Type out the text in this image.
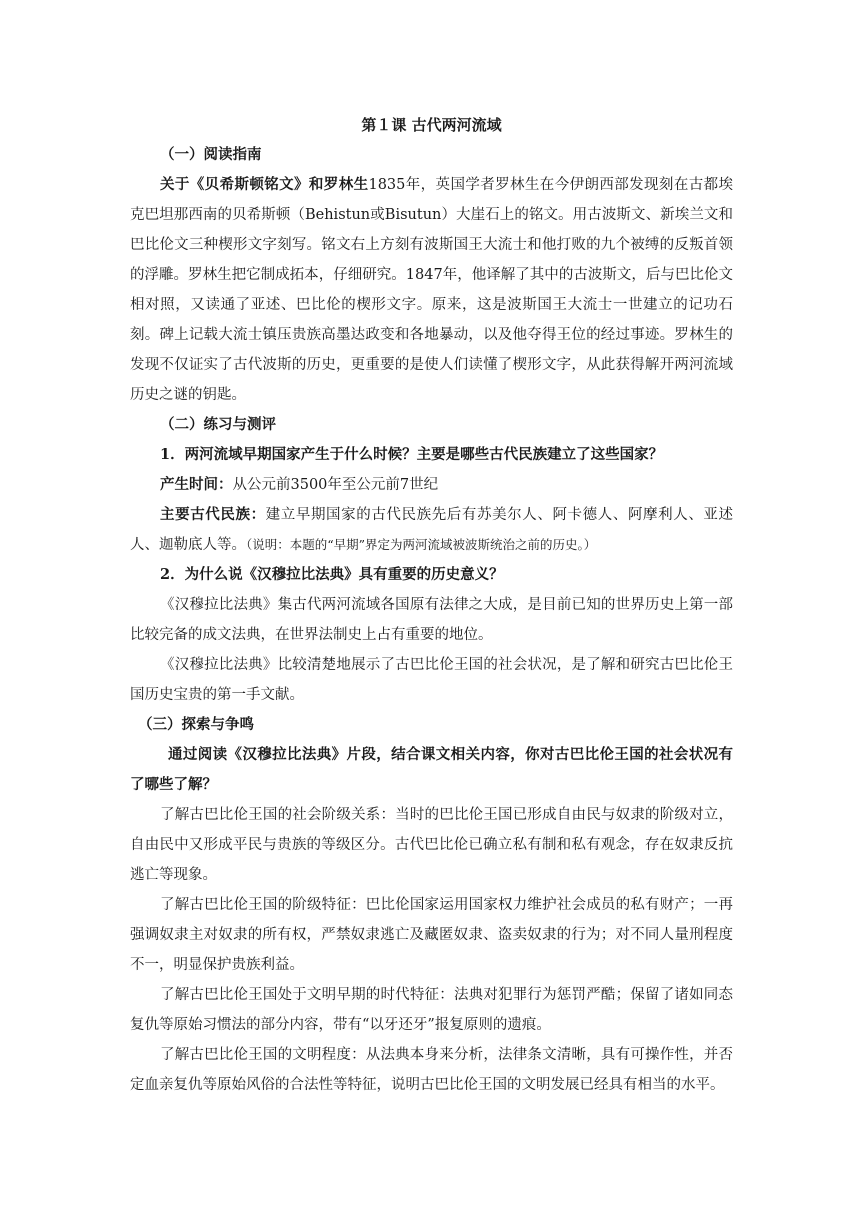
第１课 古代两河流域
（一）阅读指南

关于《贝希斯顿铭文》和罗林生1835年，英国学者罗林生在今伊朗西部发现刻在古都埃克巴坦那西南的贝希斯顿（Behistun或Bisutun）大崖石上的铭文。用古波斯文、新埃兰文和巴比伦文三种楔形文字刻写。铭文右上方刻有波斯国王大流士和他打败的九个被缚的反叛首领的浮雕。罗林生把它制成拓本，仔细研究。1847年，他译解了其中的古波斯文，后与巴比伦文相对照，又读通了亚述、巴比伦的楔形文字。原来，这是波斯国王大流士一世建立的记功石刻。碑上记载大流士镇压贵族高墨达政变和各地暴动，以及他夺得王位的经过事迹。罗林生的发现不仅证实了古代波斯的历史，更重要的是使人们读懂了楔形文字，从此获得解开两河流域历史之谜的钥匙。

（二）练习与测评

1．两河流域早期国家产生于什么时候？主要是哪些古代民族建立了这些国家？

产生时间：从公元前3500年至公元前7世纪

主要古代民族：建立早期国家的古代民族先后有苏美尔人、阿卡德人、阿摩利人、亚述人、迦勒底人等。（说明：本题的“早期”界定为两河流域被波斯统治之前的历史。）

2．为什么说《汉穆拉比法典》具有重要的历史意义？

《汉穆拉比法典》集古代两河流域各国原有法律之大成，是目前已知的世界历史上第一部比较完备的成文法典，在世界法制史上占有重要的地位。

《汉穆拉比法典》比较清楚地展示了古巴比伦王国的社会状况，是了解和研究古巴比伦王国历史宝贵的第一手文献。

（三）探索与争鸣

通过阅读《汉穆拉比法典》片段，结合课文相关内容，你对古巴比伦王国的社会状况有了哪些了解？

了解古巴比伦王国的社会阶级关系：当时的巴比伦王国已形成自由民与奴隶的阶级对立，自由民中又形成平民与贵族的等级区分。古代巴比伦已确立私有制和私有观念，存在奴隶反抗逃亡等现象。

了解古巴比伦王国的阶级特征：巴比伦国家运用国家权力维护社会成员的私有财产；一再强调奴隶主对奴隶的所有权，严禁奴隶逃亡及藏匿奴隶、盗卖奴隶的行为；对不同人量刑程度不一，明显保护贵族利益。

了解古巴比伦王国处于文明早期的时代特征：法典对犯罪行为惩罚严酷；保留了诸如同态复仇等原始习惯法的部分内容，带有“以牙还牙”报复原则的遗痕。

了解古巴比伦王国的文明程度：从法典本身来分析，法律条文清晰，具有可操作性，并否定血亲复仇等原始风俗的合法性等特征，说明古巴比伦王国的文明发展已经具有相当的水平。
